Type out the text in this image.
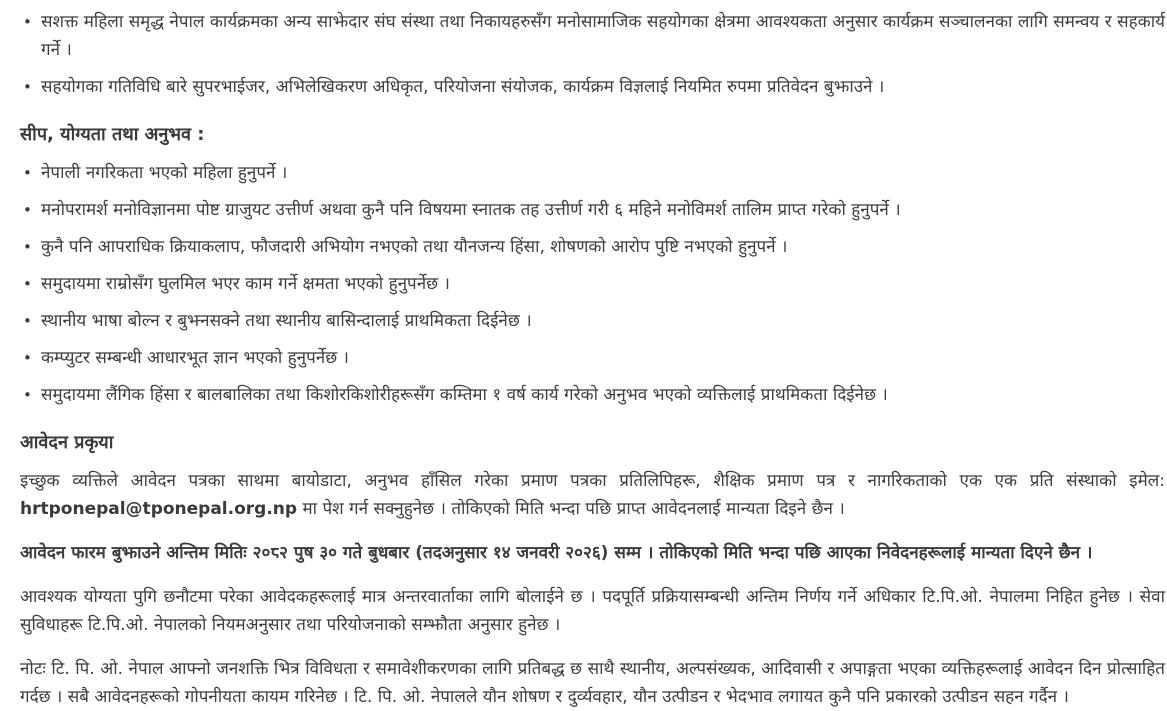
• सशक्त महिला समृद्ध नेपाल कार्यक्रमका अन्य साझेदार संघ संस्था तथा निकायहरुसँग मनोसामाजिक सहयोगका क्षेत्रमा आवश्यकता अनुसार कार्यक्रम सञ्चालनका लागि समन्वय र सहकार्य गर्ने ।
• सहयोगका गतिविधि बारे सुपरभाईजर, अभिलेखिकरण अधिकृत, परियोजना संयोजक, कार्यक्रम विज्ञलाई नियमित रुपमा प्रतिवेदन बुझाउने ।
सीप, योग्यता तथा अनुभव :
• नेपाली नगरिकता भएको महिला हुनुपर्ने ।
• मनोपरामर्श मनोविज्ञानमा पोष्ट ग्राजुयट उत्तीर्ण अथवा कुनै पनि विषयमा स्नातक तह उत्तीर्ण गरी ६ महिने मनोविमर्श तालिम प्राप्त गरेको हुनुपर्ने ।
• कुनै पनि आपराधिक क्रियाकलाप, फौजदारी अभियोग नभएको तथा यौनजन्य हिंसा, शोषणको आरोप पुष्टि नभएको हुनुपर्ने ।
• समुदायमा राम्रोसँग घुलमिल भएर काम गर्ने क्षमता भएको हुनुपर्नेछ ।
• स्थानीय भाषा बोल्न र बुझ्नसक्ने तथा स्थानीय बासिन्दालाई प्राथमिकता दिईनेछ ।
• कम्प्युटर सम्बन्धी आधारभूत ज्ञान भएको हुनुपर्नेछ ।
• समुदायमा लैंगिक हिंसा र बालबालिका तथा किशोरकिशोरीहरूसँग कम्तिमा १ वर्ष कार्य गरेको अनुभव भएको व्यक्तिलाई प्राथमिकता दिईनेछ ।
आवेदन प्रकृया

इच्छुक व्यक्तिले आवेदन पत्रका साथमा बायोडाटा, अनुभव हाँसिल गरेका प्रमाण पत्रका प्रतिलिपिहरू, शैक्षिक प्रमाण पत्र र नागरिकताको एक एक प्रति संस्थाको इमेल: hrtponepal@tponepal.org.np मा पेश गर्न सक्नुहुनेछ । तोकिएको मिति भन्दा पछि प्राप्त आवेदनलाई मान्यता दिइने छैन ।

आवेदन फारम बुझाउने अन्तिम मितिः २०८२ पुष ३० गते बुधबार (तदअनुसार १४ जनवरी २०२६) सम्म । तोकिएको मिति भन्दा पछि आएका निवेदनहरूलाई मान्यता दिएने छैन ।

आवश्यक योग्यता पुगि छनौटमा परेका आवेदकहरूलाई मात्र अन्तरवार्ताका लागि बोलाईने छ । पदपूर्ति प्रक्रियासम्बन्धी अन्तिम निर्णय गर्ने अधिकार टि.पि.ओ. नेपालमा निहित हुनेछ । सेवा सुविधाहरू टि.पि.ओ. नेपालको नियमअनुसार तथा परियोजनाको सम्झौता अनुसार हुनेछ ।

नोटः टि. पि. ओ. नेपाल आफ्नो जनशक्ति भित्र विविधता र समावेशीकरणका लागि प्रतिबद्ध छ साथै स्थानीय, अल्पसंख्यक, आदिवासी र अपाङ्गता भएका व्यक्तिहरूलाई आवेदन दिन प्रोत्साहित गर्दछ । सबै आवेदनहरूको गोपनीयता कायम गरिनेछ । टि. पि. ओ. नेपालले यौन शोषण र दुर्व्यवहार, यौन उत्पीडन र भेदभाव लगायत कुनै पनि प्रकारको उत्पीडन सहन गर्दैन ।
